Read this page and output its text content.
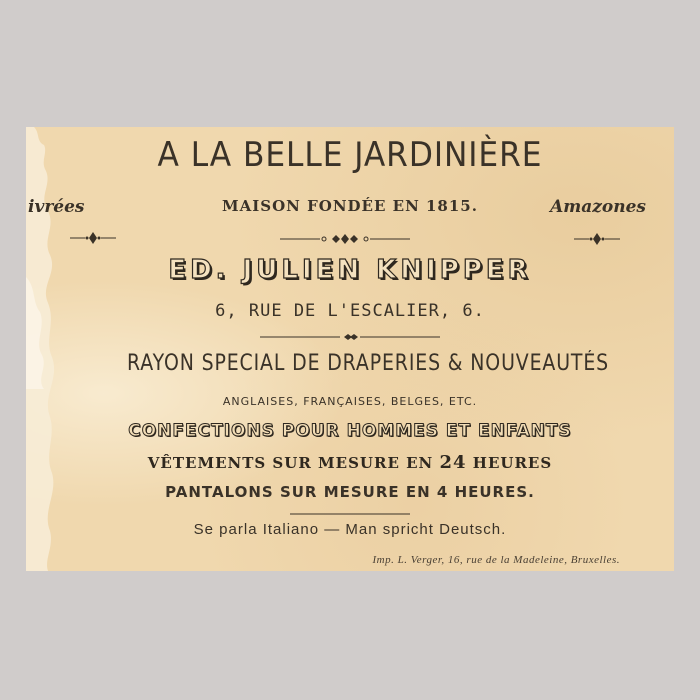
A LA BELLE JARDINIÈRE
ivrées	MAISON FONDÉE EN 1815.	Amazones
ED. JULIEN KNIPPER
6, RUE DE L'ESCALIER, 6.
RAYON SPECIAL DE DRAPERIES & NOUVEAUTÉS
ANGLAISES, FRANÇAISES, BELGES, ETC.
CONFECTIONS POUR HOMMES ET ENFANTS
VÊTEMENTS SUR MESURE EN 24 HEURES
PANTALONS SUR MESURE EN 4 HEURES.
Se parla Italiano — Man spricht Deutsch.
Imp. L. Verger, 16, rue de la Madeleine, Bruxelles.
